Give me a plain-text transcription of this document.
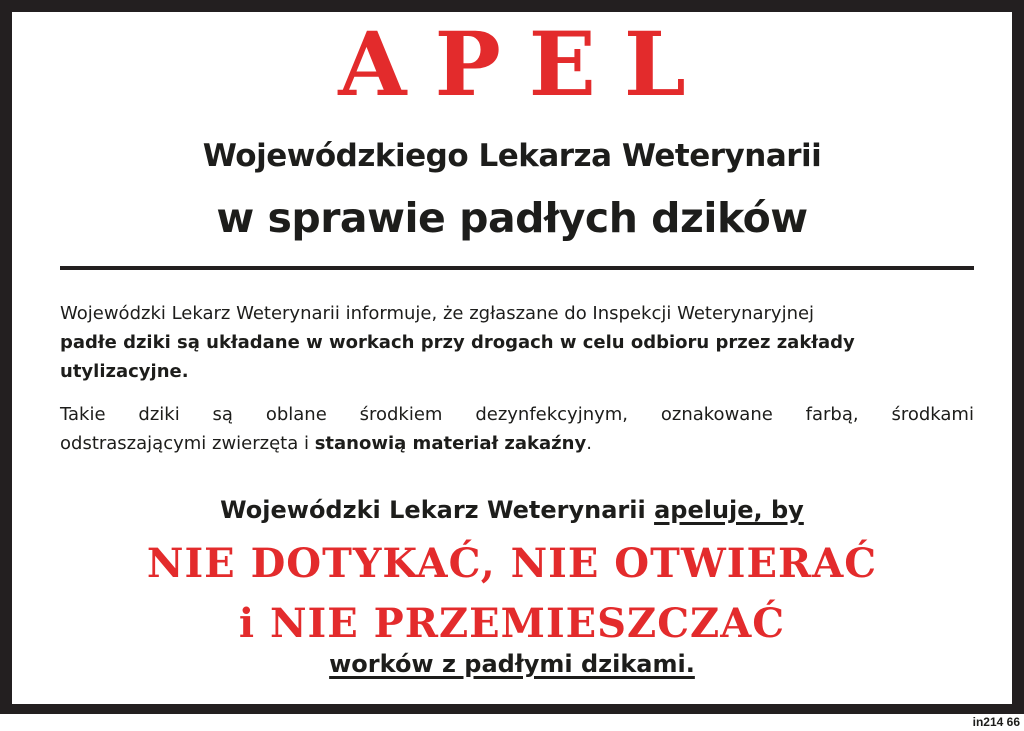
APEL
Wojewódzkiego Lekarza Weterynarii
w sprawie padłych dzików
Wojewódzki Lekarz Weterynarii informuje, że zgłaszane do Inspekcji Weterynaryjnej
padłe dziki są układane w workach przy drogach w celu odbioru przez zakłady
utylizacyjne.
Takie dziki są oblane środkiem dezynfekcyjnym, oznakowane farbą, środkami
odstraszającymi zwierzęta i stanowią materiał zakaźny.
Wojewódzki Lekarz Weterynarii apeluje, by
NIE DOTYKAĆ, NIE OTWIERAĆ
i NIE PRZEMIESZCZAĆ
worków z padłymi dzikami.
in214 66
